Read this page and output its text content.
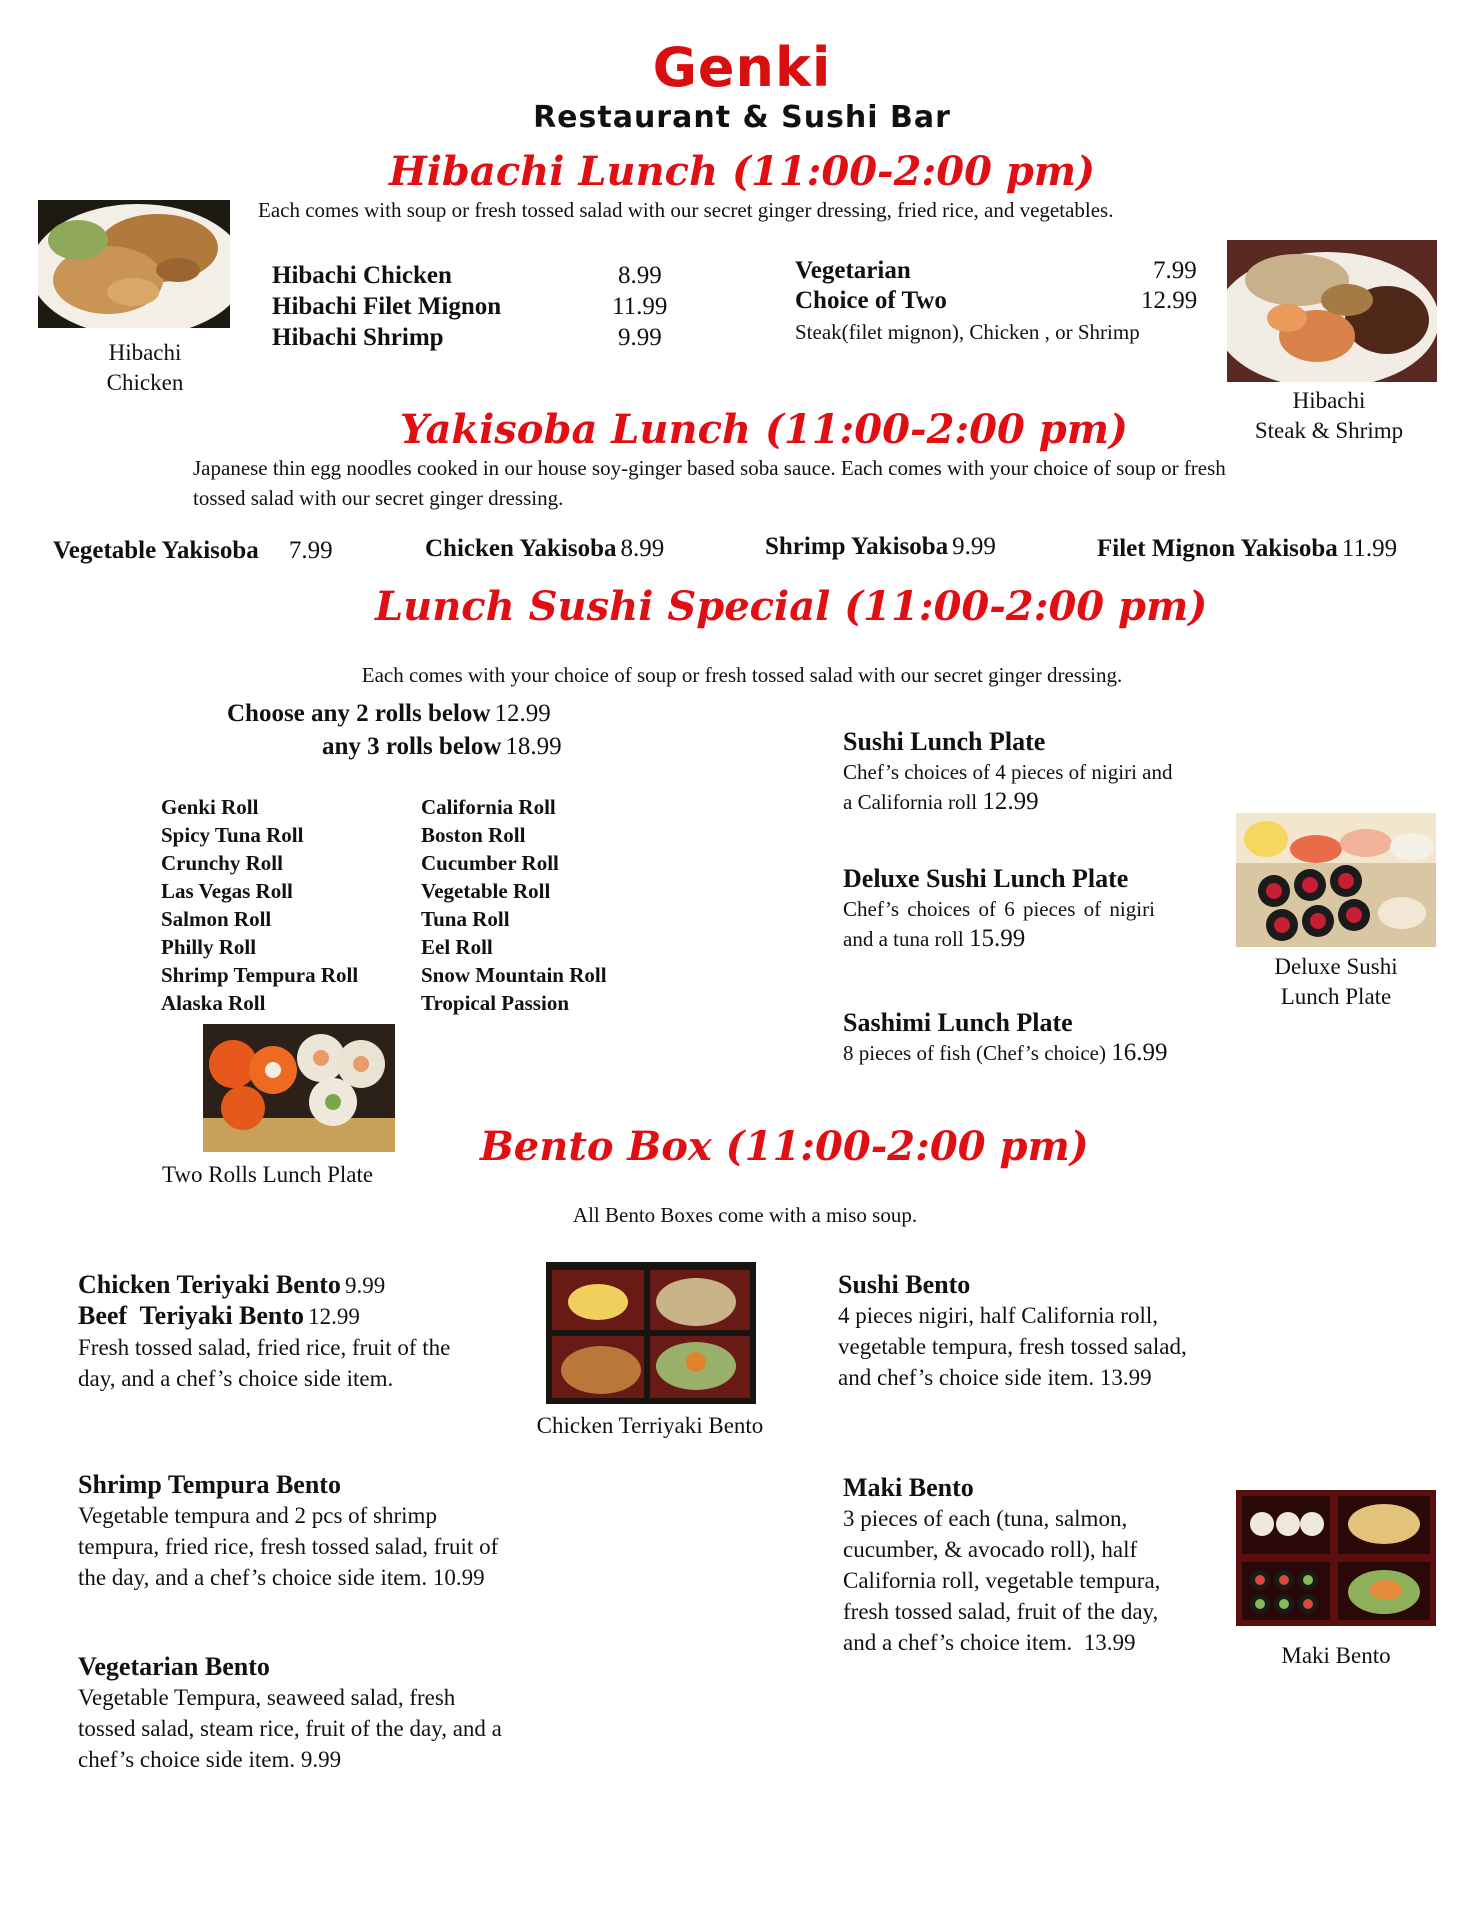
Genki
Restaurant & Sushi Bar
Hibachi Lunch (11:00-2:00 pm)
Each comes with soup or fresh tossed salad with our secret ginger dressing, fried rice, and vegetables.
Hibachi
Chicken
Hibachi Chicken	8.99
Hibachi Filet Mignon	11.99
Hibachi Shrimp	9.99
Vegetarian	7.99
Choice of Two	12.99
Steak(filet mignon), Chicken , or Shrimp
Hibachi
Steak & Shrimp
Yakisoba Lunch (11:00-2:00 pm)
Japanese thin egg noodles cooked in our house soy-ginger based soba sauce. Each comes with your choice of soup or fresh tossed salad with our secret ginger dressing.
Vegetable Yakisoba 7.99	Chicken Yakisoba 8.99	Shrimp Yakisoba 9.99	Filet Mignon Yakisoba 11.99
Lunch Sushi Special (11:00-2:00 pm)
Each comes with your choice of soup or fresh tossed salad with our secret ginger dressing.
Choose any 2 rolls below 12.99
any 3 rolls below 18.99
Genki Roll
Spicy Tuna Roll
Crunchy Roll
Las Vegas Roll
Salmon Roll
Philly Roll
Shrimp Tempura Roll
Alaska Roll
California Roll
Boston Roll
Cucumber Roll
Vegetable Roll
Tuna Roll
Eel Roll
Snow Mountain Roll
Tropical Passion
Two Rolls Lunch Plate
Sushi Lunch Plate
Chef’s choices of 4 pieces of nigiri and
a California roll 12.99
Deluxe Sushi Lunch Plate
Chef’s choices of 6 pieces of nigiri
and a tuna roll 15.99
Sashimi Lunch Plate
8 pieces of fish (Chef’s choice) 16.99
Deluxe Sushi
Lunch Plate
Bento Box (11:00-2:00 pm)
All Bento Boxes come with a miso soup.
Chicken Teriyaki Bento 9.99
Beef  Teriyaki Bento 12.99
Fresh tossed salad, fried rice, fruit of the
day, and a chef’s choice side item.
Chicken Terriyaki Bento
Sushi Bento
4 pieces nigiri, half California roll,
vegetable tempura, fresh tossed salad,
and chef’s choice side item. 13.99
Shrimp Tempura Bento
Vegetable tempura and 2 pcs of shrimp
tempura, fried rice, fresh tossed salad, fruit of
the day, and a chef’s choice side item. 10.99
Maki Bento
3 pieces of each (tuna, salmon,
cucumber, & avocado roll), half
California roll, vegetable tempura,
fresh tossed salad, fruit of the day,
and a chef’s choice item.  13.99
Maki Bento
Vegetarian Bento
Vegetable Tempura, seaweed salad, fresh
tossed salad, steam rice, fruit of the day, and a
chef’s choice side item. 9.99
